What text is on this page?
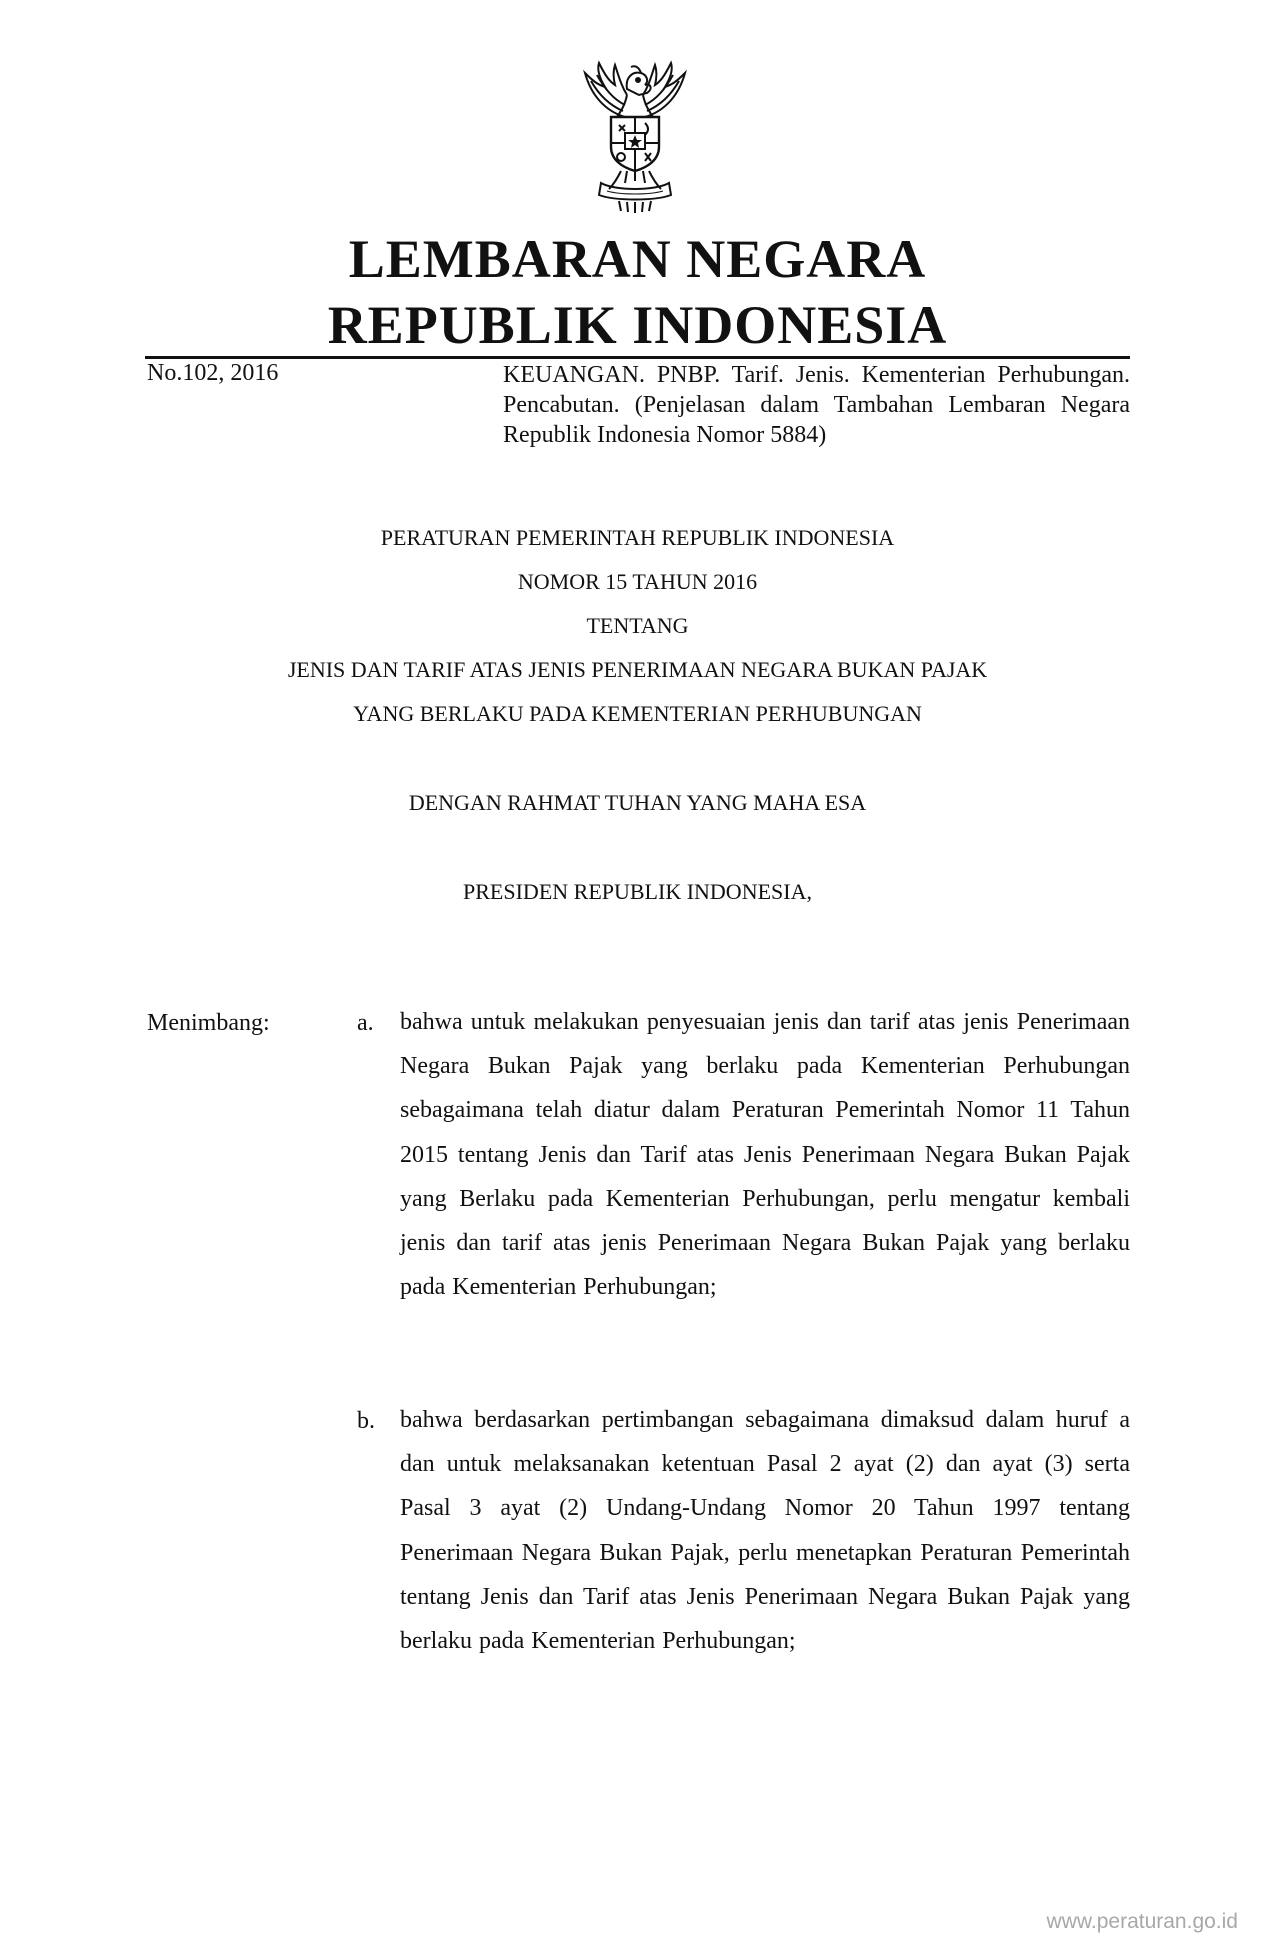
LEMBARAN NEGARA
REPUBLIK INDONESIA
No.102, 2016	KEUANGAN. PNBP. Tarif. Jenis. Kementerian Perhubungan. Pencabutan. (Penjelasan dalam Tambahan Lembaran Negara Republik Indonesia Nomor 5884)
PERATURAN PEMERINTAH REPUBLIK INDONESIA
NOMOR 15 TAHUN 2016
TENTANG
JENIS DAN TARIF ATAS JENIS PENERIMAAN NEGARA BUKAN PAJAK
YANG BERLAKU PADA KEMENTERIAN PERHUBUNGAN
DENGAN RAHMAT TUHAN YANG MAHA ESA
PRESIDEN REPUBLIK INDONESIA,
Menimbang:	a. bahwa untuk melakukan penyesuaian jenis dan tarif atas jenis Penerimaan Negara Bukan Pajak yang berlaku pada Kementerian Perhubungan sebagaimana telah diatur dalam Peraturan Pemerintah Nomor 11 Tahun 2015 tentang Jenis dan Tarif atas Jenis Penerimaan Negara Bukan Pajak yang Berlaku pada Kementerian Perhubungan, perlu mengatur kembali jenis dan tarif atas jenis Penerimaan Negara Bukan Pajak yang berlaku pada Kementerian Perhubungan;
b. bahwa berdasarkan pertimbangan sebagaimana dimaksud dalam huruf a dan untuk melaksanakan ketentuan Pasal 2 ayat (2) dan ayat (3) serta Pasal 3 ayat (2) Undang-Undang Nomor 20 Tahun 1997 tentang Penerimaan Negara Bukan Pajak, perlu menetapkan Peraturan Pemerintah tentang Jenis dan Tarif atas Jenis Penerimaan Negara Bukan Pajak yang berlaku pada Kementerian Perhubungan;
www.peraturan.go.id
